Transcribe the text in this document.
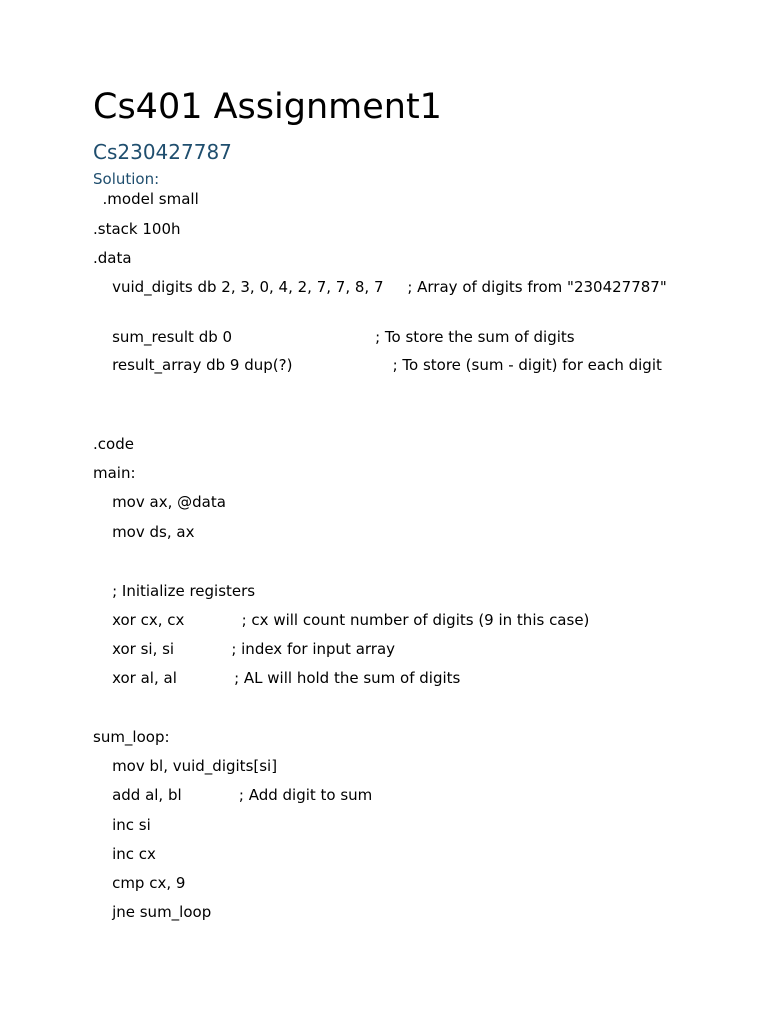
Cs401 Assignment1
Cs230427787
Solution:

.model small

.stack 100h

.data

vuid_digits db 2, 3, 0, 4, 2, 7, 7, 8, 7     ; Array of digits from "230427787"

sum_result db 0                              ; To store the sum of digits

result_array db 9 dup(?)                     ; To store (sum - digit) for each digit

.code

main:

mov ax, @data

mov ds, ax

; Initialize registers

xor cx, cx            ; cx will count number of digits (9 in this case)

xor si, si            ; index for input array

xor al, al            ; AL will hold the sum of digits

sum_loop:

mov bl, vuid_digits[si]

add al, bl            ; Add digit to sum

inc si

inc cx

cmp cx, 9

jne sum_loop
